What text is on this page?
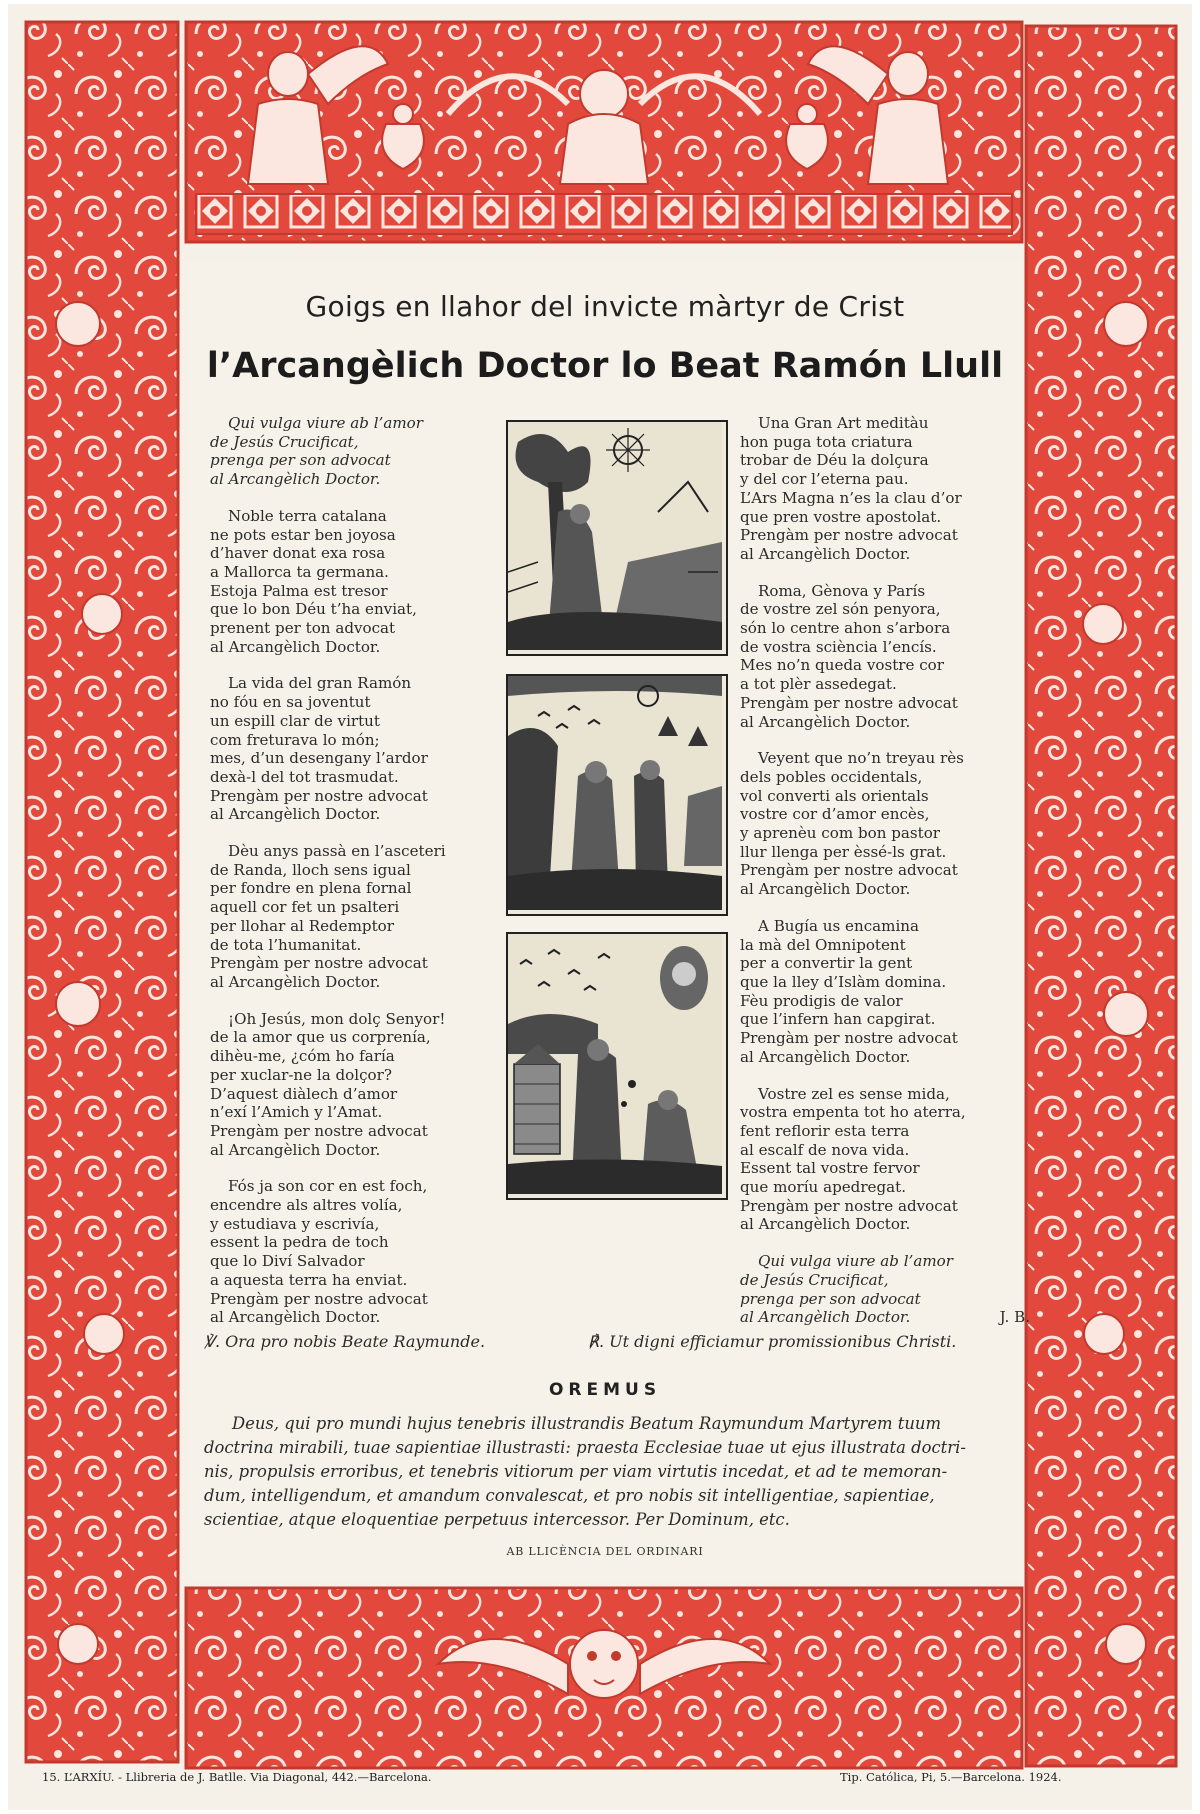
Goigs en llahor del invicte màrtyr de Crist
l’Arcangèlich Doctor lo Beat Ramón Llull
Qui vulga viure ab l’amor
de Jesús Crucificat,
prenga per son advocat
al Arcangèlich Doctor.
Noble terra catalana
ne pots estar ben joyosa
d’haver donat exa rosa
a Mallorca ta germana.
Estoja Palma est tresor
que lo bon Déu t’ha enviat,
prenent per ton advocat
al Arcangèlich Doctor.
La vida del gran Ramón
no fóu en sa joventut
un espill clar de virtut
com freturava lo món;
mes, d’un desengany l’ardor
dexà-l del tot trasmudat.
Prengàm per nostre advocat
al Arcangèlich Doctor.
Dèu anys passà en l’asceteri
de Randa, lloch sens igual
per fondre en plena fornal
aquell cor fet un psalteri
per llohar al Redemptor
de tota l’humanitat.
Prengàm per nostre advocat
al Arcangèlich Doctor.
¡Oh Jesús, mon dolç Senyor!
de la amor que us corprenía,
dihèu-me, ¿cóm ho faría
per xuclar-ne la dolçor?
D’aquest diàlech d’amor
n’exí l’Amich y l’Amat.
Prengàm per nostre advocat
al Arcangèlich Doctor.
Fós ja son cor en est foch,
encendre als altres volía,
y estudiava y escrivía,
essent la pedra de toch
que lo Diví Salvador
a aquesta terra ha enviat.
Prengàm per nostre advocat
al Arcangèlich Doctor.
Una Gran Art meditàu
hon puga tota criatura
trobar de Déu la dolçura
y del cor l’eterna pau.
L’Ars Magna n’es la clau d’or
que pren vostre apostolat.
Prengàm per nostre advocat
al Arcangèlich Doctor.
Roma, Gènova y París
de vostre zel són penyora,
són lo centre ahon s’arbora
de vostra sciència l’encís.
Mes no’n queda vostre cor
a tot plèr assedegat.
Prengàm per nostre advocat
al Arcangèlich Doctor.
Veyent que no’n treyau rès
dels pobles occidentals,
vol converti als orientals
vostre cor d’amor encès,
y aprenèu com bon pastor
llur llenga per èssé-ls grat.
Prengàm per nostre advocat
al Arcangèlich Doctor.
A Bugía us encamina
la mà del Omnipotent
per a convertir la gent
que la lley d’Islàm domina.
Fèu prodigis de valor
que l’infern han capgirat.
Prengàm per nostre advocat
al Arcangèlich Doctor.
Vostre zel es sense mida,
vostra empenta tot ho aterra,
fent reflorir esta terra
al escalf de nova vida.
Essent tal vostre fervor
que moríu apedregat.
Prengàm per nostre advocat
al Arcangèlich Doctor.
Qui vulga viure ab l’amor
de Jesús Crucificat,
prenga per son advocat
al Arcangèlich Doctor.	J. B.
℣. Ora pro nobis Beate Raymunde.	℟. Ut digni efficiamur promissionibus Christi.
OREMUS
Deus, qui pro mundi hujus tenebris illustrandis Beatum Raymundum Martyrem tuum
doctrina mirabili, tuae sapientiae illustrasti: praesta Ecclesiae tuae ut ejus illustrata doctri-
nis, propulsis erroribus, et tenebris vitiorum per viam virtutis incedat, et ad te memoran-
dum, intelligendum, et amandum convalescat, et pro nobis sit intelligentiae, sapientiae,
scientiae, atque eloquentiae perpetuus intercessor. Per Dominum, etc.
AB LLICÈNCIA DEL ORDINARI
15. L’ARXÍU. - Llibreria de J. Batlle. Via Diagonal, 442.—Barcelona.	Tip. Católica, Pi, 5.—Barcelona. 1924.
